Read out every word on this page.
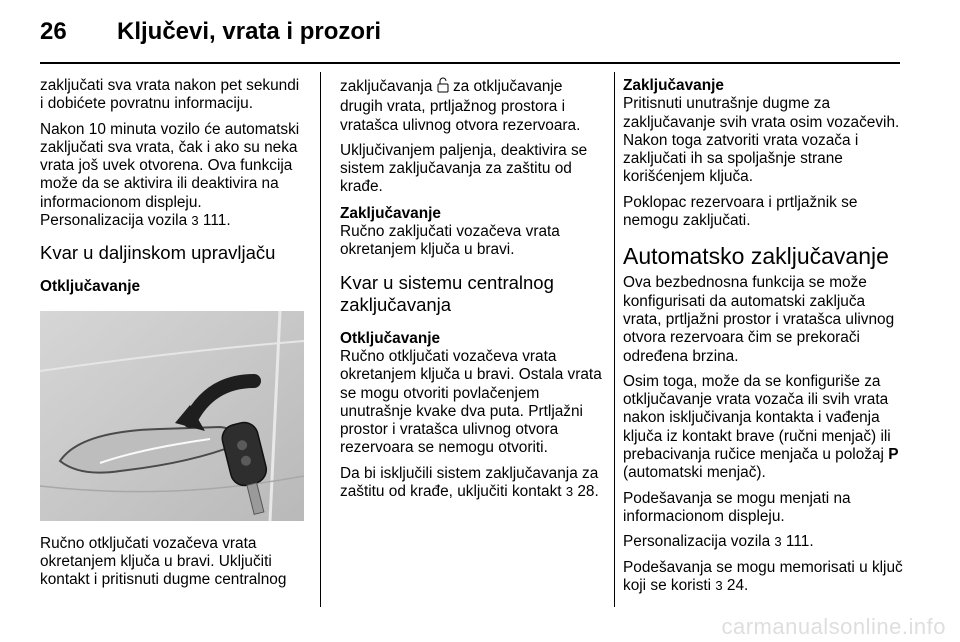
26 Ključevi, vrata i prozori

zaključati sva vrata nakon pet sekundi i dobićete povratnu informaciju.

Nakon 10 minuta vozilo će automatski zaključati sva vrata, čak i ako su neka vrata još uvek otvorena. Ova funkcija može da se aktivira ili deaktivira na informacionom displeju. Personalizacija vozila 3 111.

Kvar u daljinskom upravljaču
Otključavanje

Ručno otključati vozačeva vrata okretanjem ključa u bravi. Uključiti kontakt i pritisnuti dugme centralnog

zaključavanja  za otključavanje drugih vrata, prtljažnog prostora i vratašca ulivnog otvora rezervoara.

Uključivanjem paljenja, deaktivira se sistem zaključavanja za zaštitu od krađe.

Zaključavanje

Ručno zaključati vozačeva vrata okretanjem ključa u bravi.

Kvar u sistemu centralnog zaključavanja
Otključavanje

Ručno otključati vozačeva vrata okretanjem ključa u bravi. Ostala vrata se mogu otvoriti povlačenjem unutrašnje kvake dva puta. Prtljažni prostor i vratašca ulivnog otvora rezervoara se nemogu otvoriti.

Da bi isključili sistem zaključavanja za zaštitu od krađe, uključiti kontakt 3 28.

Zaključavanje

Pritisnuti unutrašnje dugme za zaključavanje svih vrata osim vozačevih. Nakon toga zatvoriti vrata vozača i zaključati ih sa spoljašnje strane korišćenjem ključa.

Poklopac rezervoara i prtljažnik se nemogu zaključati.

Automatsko zaključavanje

Ova bezbednosna funkcija se može konfigurisati da automatski zaključa vrata, prtljažni prostor i vratašca ulivnog otvora rezervoara čim se prekorači određena brzina.

Osim toga, može da se konfiguriše za otključavanje vrata vozača ili svih vrata nakon isključivanja kontakta i vađenja ključa iz kontakt brave (ručni menjač) ili prebacivanja ručice menjača u položaj P (automatski menjač).

Podešavanja se mogu menjati na informacionom displeju.

Personalizacija vozila 3 111.

Podešavanja se mogu memorisati u ključ koji se koristi 3 24.

carmanualsonline.info
